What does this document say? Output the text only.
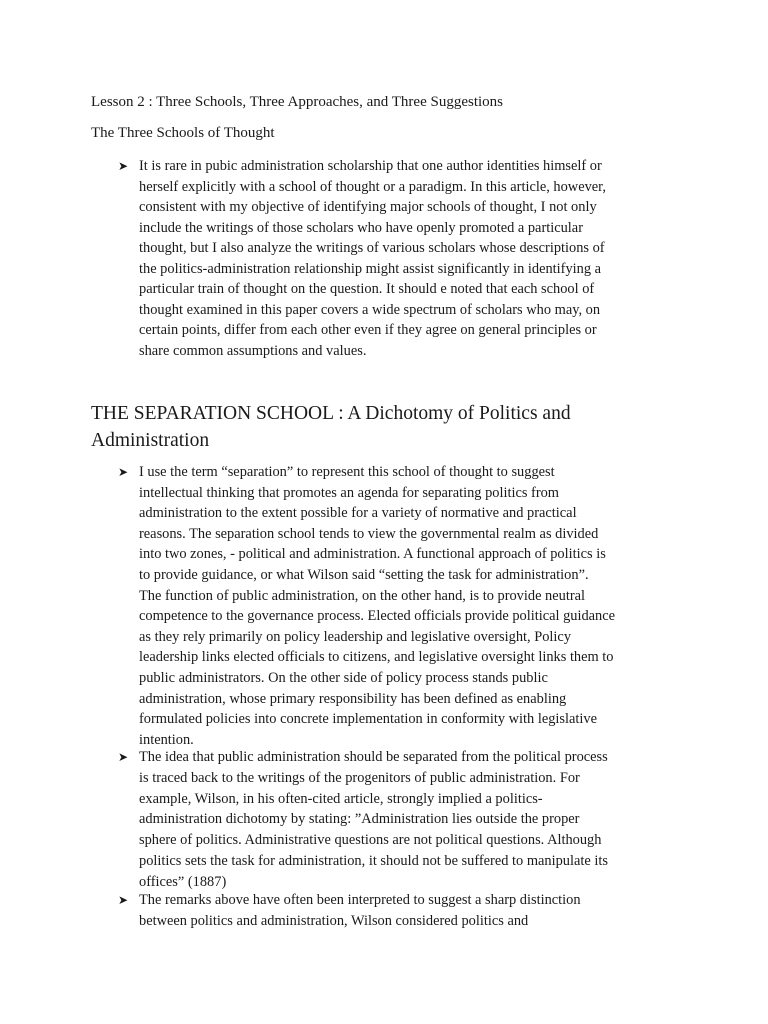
Lesson 2 : Three Schools, Three Approaches, and Three Suggestions
The Three Schools of Thought
➤ It is rare in pubic administration scholarship that one author identities himself or
herself explicitly with a school of thought or a paradigm. In this article, however,
consistent with my objective of identifying major schools of thought, I not only
include the writings of those scholars who have openly promoted a particular
thought, but I also analyze the writings of various scholars whose descriptions of
the politics-administration relationship might assist significantly in identifying a
particular train of thought on the question. It should e noted that each school of
thought examined in this paper covers a wide spectrum of scholars who may, on
certain points, differ from each other even if they agree on general principles or
share common assumptions and values.
THE SEPARATION SCHOOL : A Dichotomy of Politics and Administration
➤ I use the term “separation” to represent this school of thought to suggest
intellectual thinking that promotes an agenda for separating politics from
administration to the extent possible for a variety of normative and practical
reasons. The separation school tends to view the governmental realm as divided
into two zones, - political and administration. A functional approach of politics is
to provide guidance, or what Wilson said “setting the task for administration”.
The function of public administration, on the other hand, is to provide neutral
competence to the governance process. Elected officials provide political guidance
as they rely primarily on policy leadership and legislative oversight, Policy
leadership links elected officials to citizens, and legislative oversight links them to
public administrators. On the other side of policy process stands public
administration, whose primary responsibility has been defined as enabling
formulated policies into concrete implementation in conformity with legislative
intention.
➤ The idea that public administration should be separated from the political process
is traced back to the writings of the progenitors of public administration. For
example, Wilson, in his often-cited article, strongly implied a politics-
administration dichotomy by stating: ”Administration lies outside the proper
sphere of politics. Administrative questions are not political questions. Although
politics sets the task for administration, it should not be suffered to manipulate its
offices” (1887)
➤ The remarks above have often been interpreted to suggest a sharp distinction
between politics and administration, Wilson considered politics and
